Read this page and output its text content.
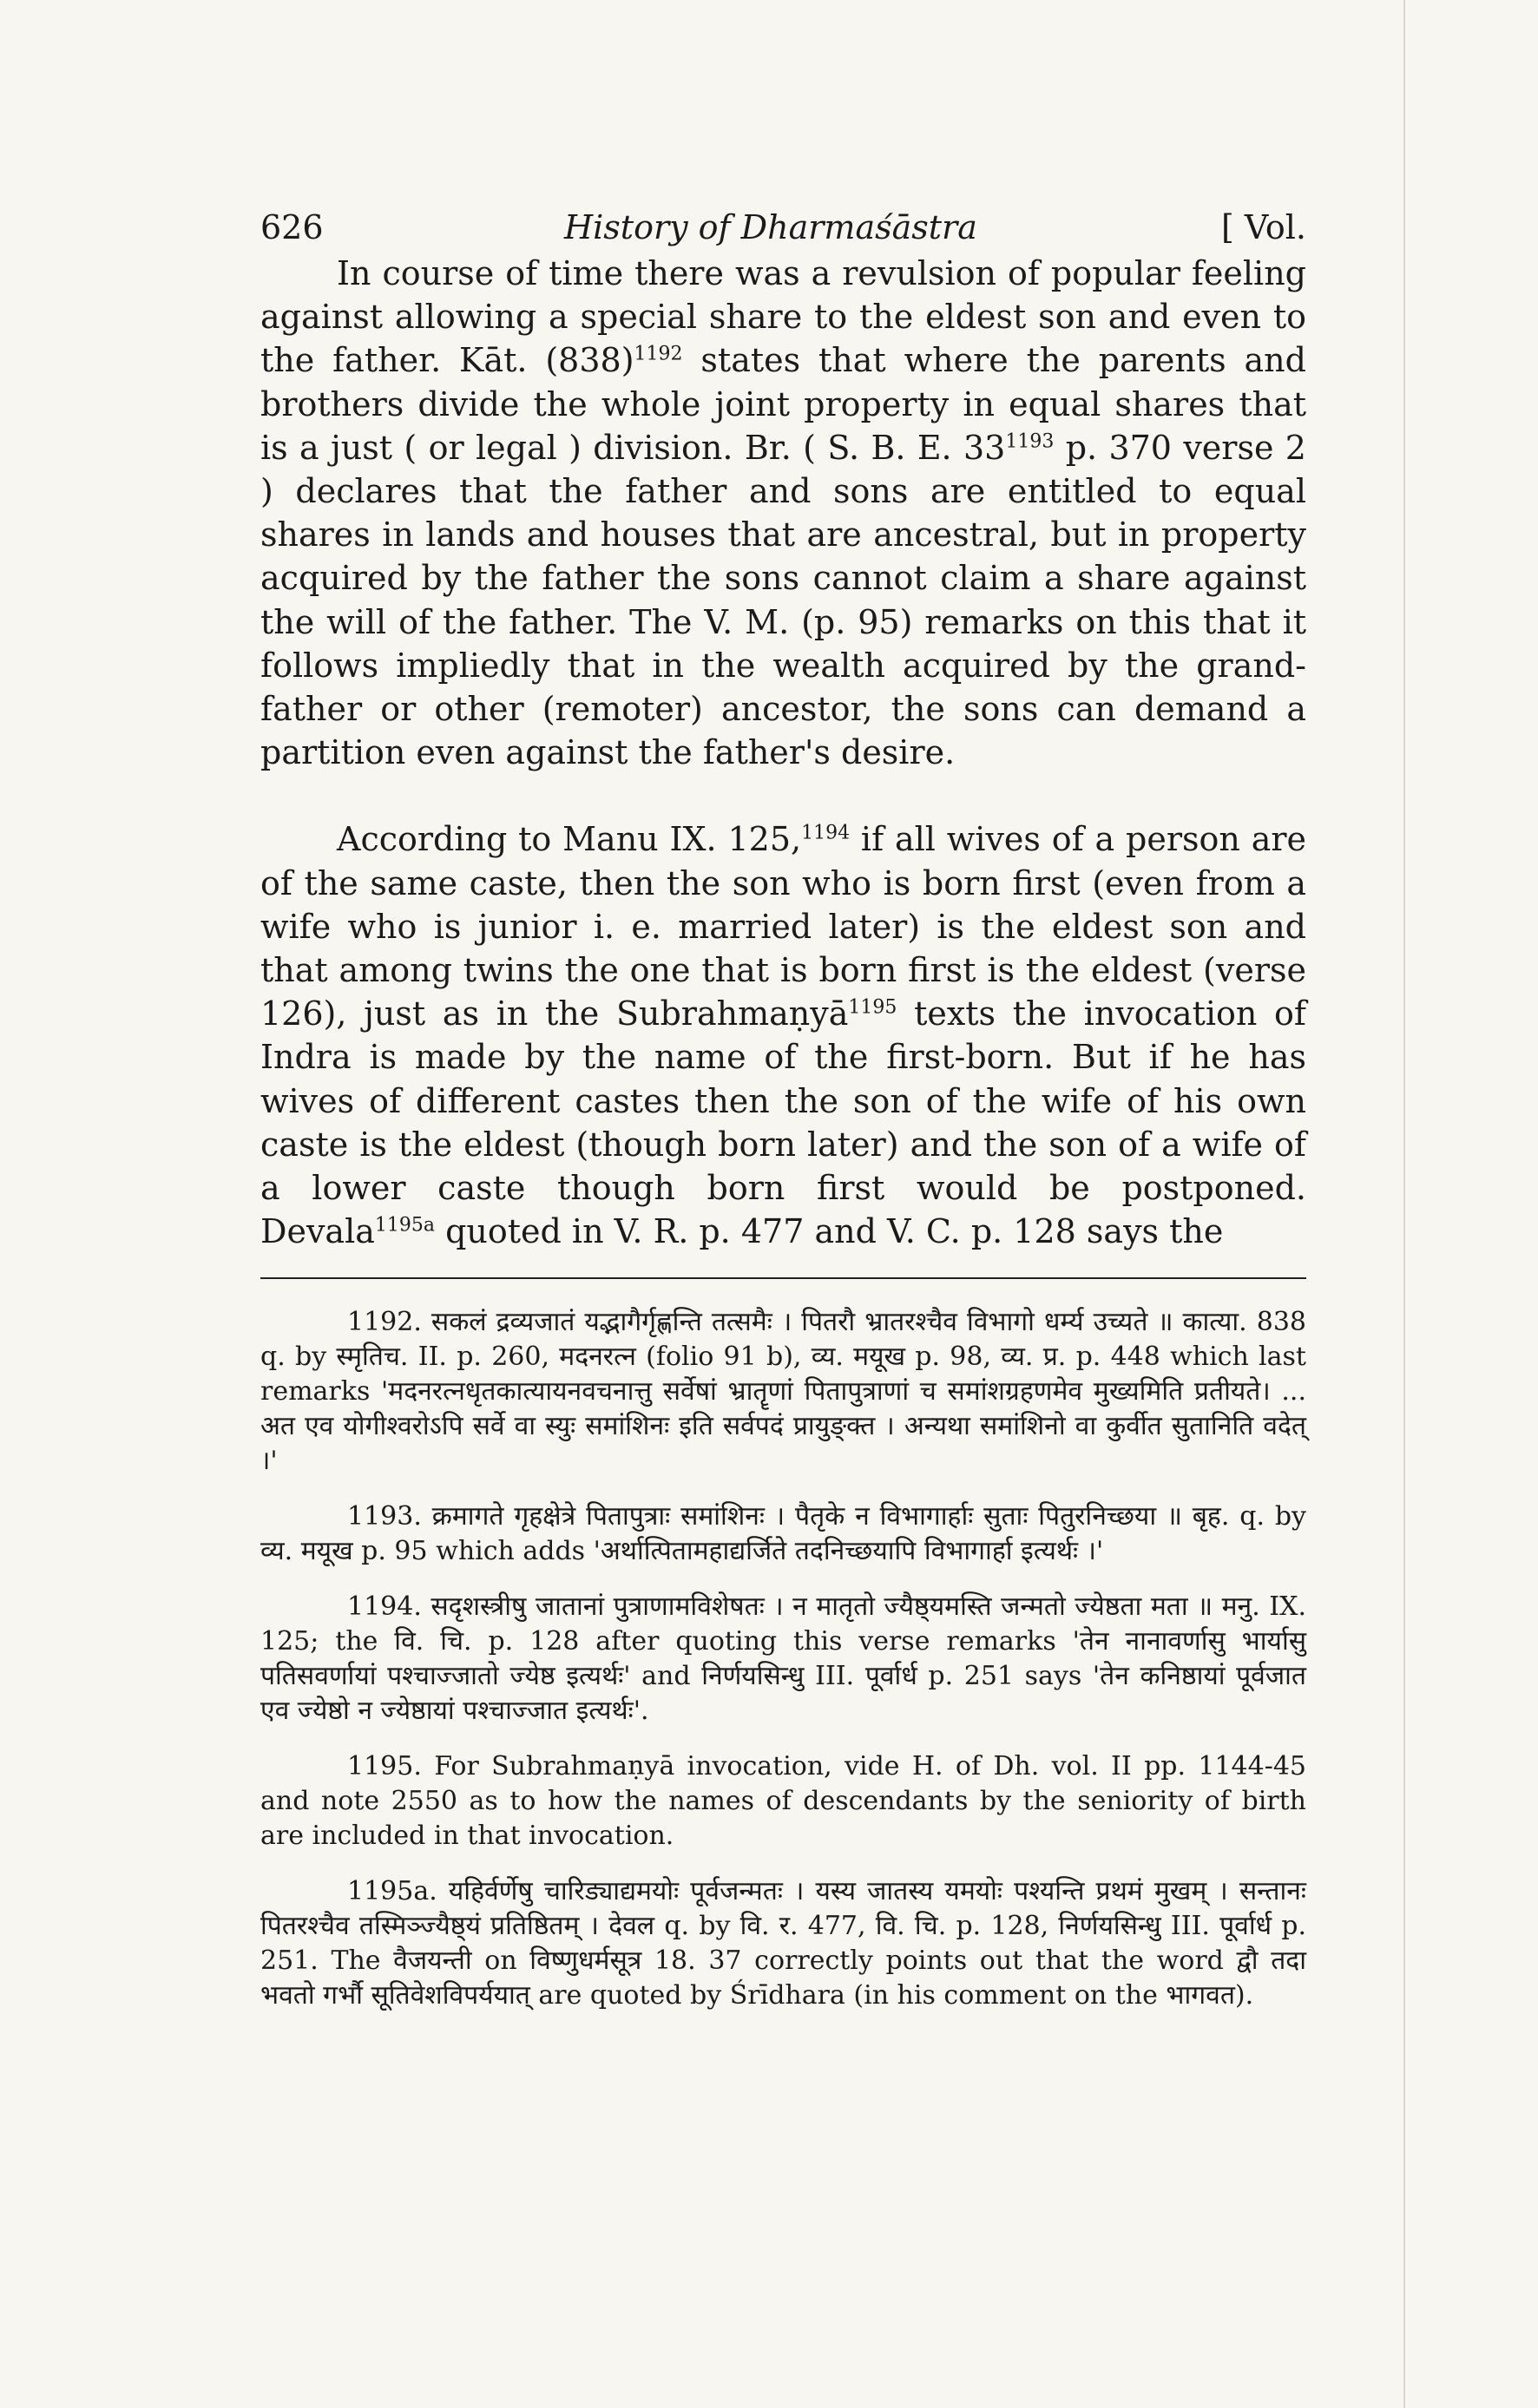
626	History of Dharmaśāstra	[ Vol.

In course of time there was a revulsion of popular feeling against allowing a special share to the eldest son and even to the father. Kāt. $(838)^{1192}$ states that where the parents and brothers divide the whole joint property in equal shares that is a just ( or legal ) division. Br. ( S. B. E. $33^{1193}$ p. 370 verse 2 ) declares that the father and sons are entitled to equal shares in lands and houses that are ancestral, but in property acquired by the father the sons cannot claim a share against the will of the father. The V. M. (p. 95) remarks on this that it follows impliedly that in the wealth acquired by the grand-father or other (remoter) ancestor, the sons can demand a partition even against the father's desire.

According to Manu IX. 125,$^{1194}$ if all wives of a person are of the same caste, then the son who is born first (even from a wife who is junior i. e. married later) is the eldest son and that among twins the one that is born first is the eldest (verse 126), just as in the Subrahmaṇyā$^{1195}$ texts the invocation of Indra is made by the name of the first-born. But if he has wives of different castes then the son of the wife of his own caste is the eldest (though born later) and the son of a wife of a lower caste though born first would be postponed. Devala$^{1195a}$ quoted in V. R. p. 477 and V. C. p. 128 says the

1192. सकलं द्रव्यजातं यद्भागैर्गृह्णन्ति तत्समैः । पितरौ भ्रातरश्चैव विभागो धर्म्य उच्यते ॥ कात्या. 838 q. by स्मृतिच. II. p. 260, मदनरत्न (folio 91 b), व्य. मयूख p. 98, व्य. प्र. p. 448 which last remarks 'मदनरत्नधृतकात्यायनवचनात्तु सर्वेषां भ्रातॄणां पितापुत्राणां च समांशग्रहणमेव मुख्यमिति प्रतीयते। ... अत एव योगीश्वरोऽपि सर्वे वा स्युः समांशिनः इति सर्वपदं प्रायुङ्क्त । अन्यथा समांशिनो वा कुर्वीत सुतानिति वदेत् ।'

1193. क्रमागते गृहक्षेत्रे पितापुत्राः समांशिनः । पैतृके न विभागार्हाः सुताः पितुरनिच्छया ॥ बृह. q. by व्य. मयूख p. 95 which adds 'अर्थात्पितामहाद्यर्जिते तदनिच्छयापि विभागार्हा इत्यर्थः ।'

1194. सदृशस्त्रीषु जातानां पुत्राणामविशेषतः । न मातृतो ज्यैष्ठ्यमस्ति जन्मतो ज्येष्ठता मता ॥ मनु. IX. 125; the वि. चि. p. 128 after quoting this verse remarks 'तेन नानावर्णासु भार्यासु पतिसवर्णायां पश्चाज्जातो ज्येष्ठ इत्यर्थः' and निर्णयसिन्धु III. पूर्वार्ध p. 251 says 'तेन कनिष्ठायां पूर्वजात एव ज्येष्ठो न ज्येष्ठायां पश्चाज्जात इत्यर्थः'.

1195. For Subrahmaṇyā invocation, vide H. of Dh. vol. II pp. 1144-45 and note 2550 as to how the names of descendants by the seniority of birth are included in that invocation.

1195a. यहिर्वर्णेषु चारिड्याद्यमयोः पूर्वजन्मतः । यस्य जातस्य यमयोः पश्यन्ति प्रथमं मुखम् । सन्तानः पितरश्चैव तस्मिञ्ज्यैष्ठ्यं प्रतिष्ठितम् । देवल q. by वि. र. 477, वि. चि. p. 128, निर्णयसिन्धु III. पूर्वार्ध p. 251. The वैजयन्ती on विष्णुधर्मसूत्र 18. 37 correctly points out that the word द्वौ तदा भवतो गर्भौ सूतिवेशविपर्ययात् are quoted by Śrīdhara (in his comment on the भागवत).
